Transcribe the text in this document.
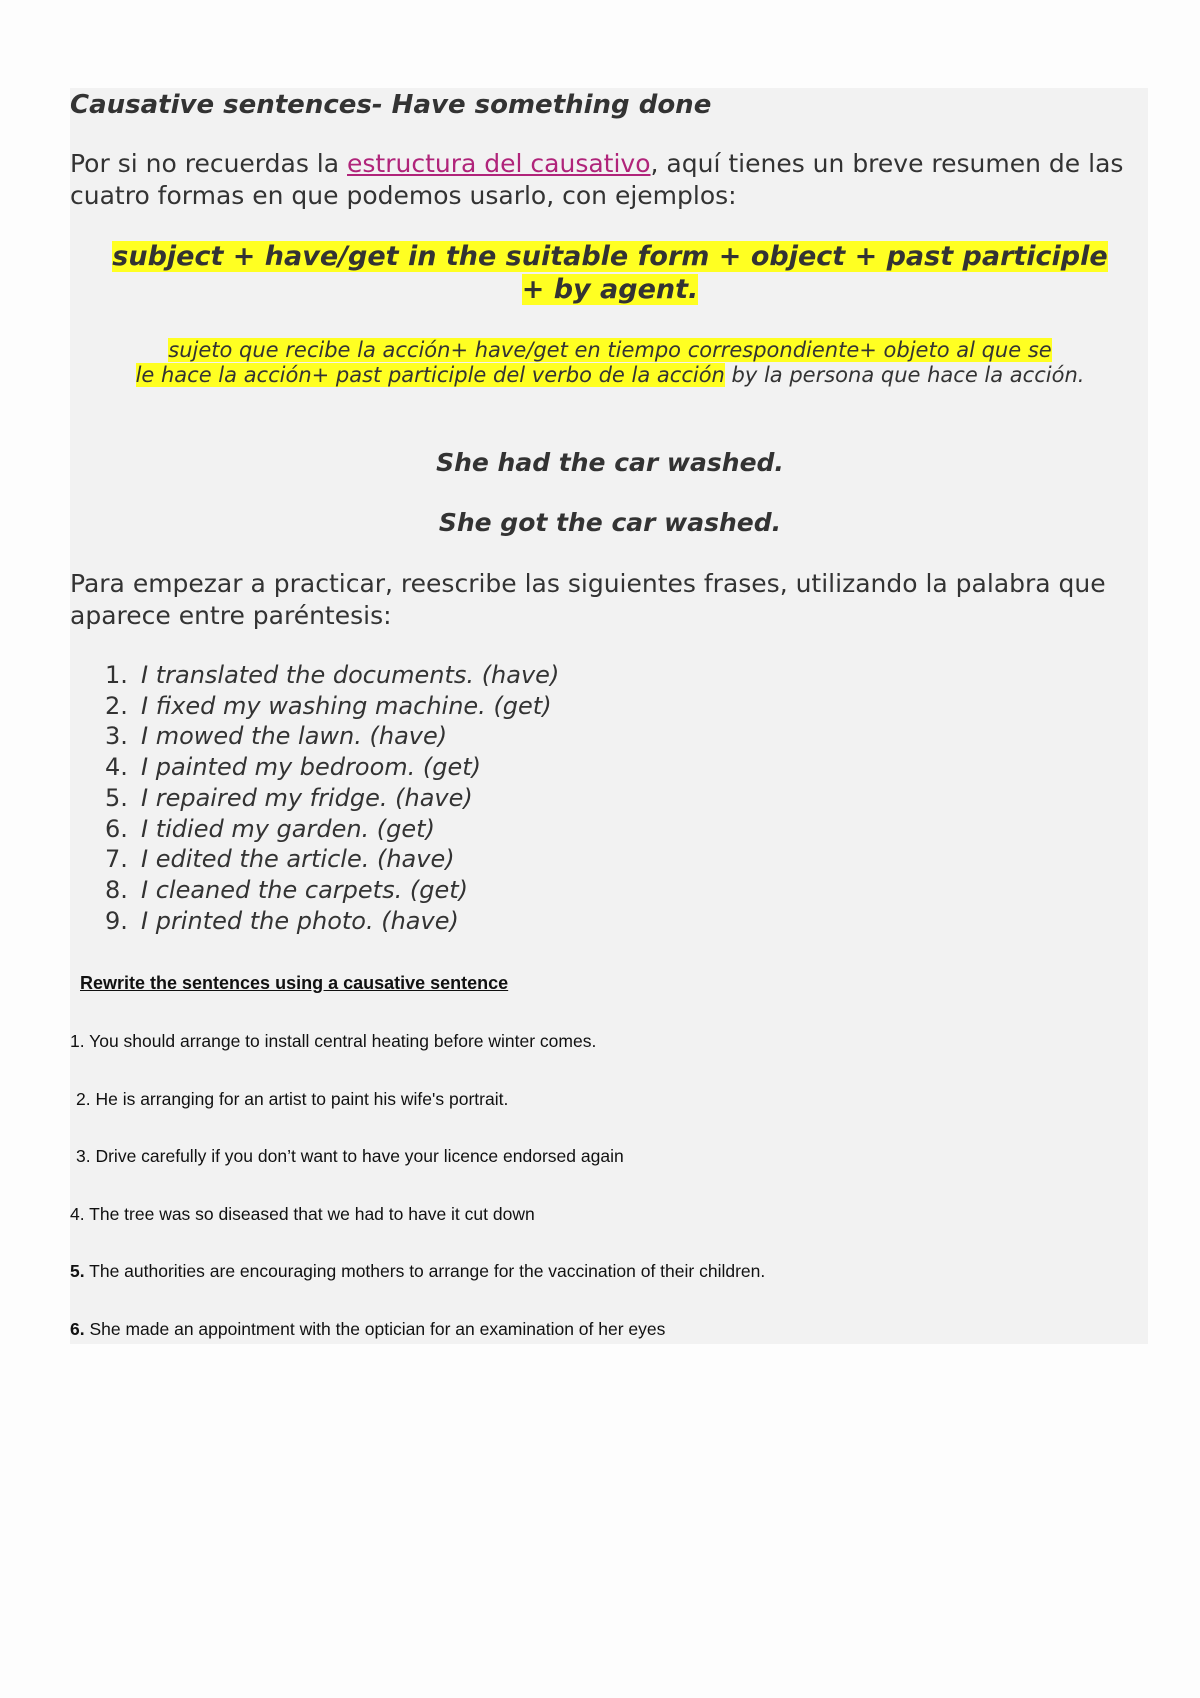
Causative sentences- Have something done

Por si no recuerdas la estructura del causativo, aquí tienes un breve resumen de las cuatro formas en que podemos usarlo, con ejemplos:

subject + have/get in the suitable form + object + past participle
+ by agent.

sujeto que recibe la acción+ have/get en tiempo correspondiente+ objeto al que se
le hace la acción+ past participle del verbo de la acción by la persona que hace la acción.

She had the car washed.

She got the car washed.

Para empezar a practicar, reescribe las siguientes frases, utilizando la palabra que aparece entre paréntesis:

1. I translated the documents. (have)
2. I fixed my washing machine. (get)
3. I mowed the lawn. (have)
4. I painted my bedroom. (get)
5. I repaired my fridge. (have)
6. I tidied my garden. (get)
7. I edited the article. (have)
8. I cleaned the carpets. (get)
9. I printed the photo. (have)

Rewrite the sentences using a causative sentence

1. You should arrange to install central heating before winter comes.
2. He is arranging for an artist to paint his wife's portrait.
3. Drive carefully if you don’t want to have your licence endorsed again
4. The tree was so diseased that we had to have it cut down
5. The authorities are encouraging mothers to arrange for the vaccination of their children.
6. She made an appointment with the optician for an examination of her eyes
